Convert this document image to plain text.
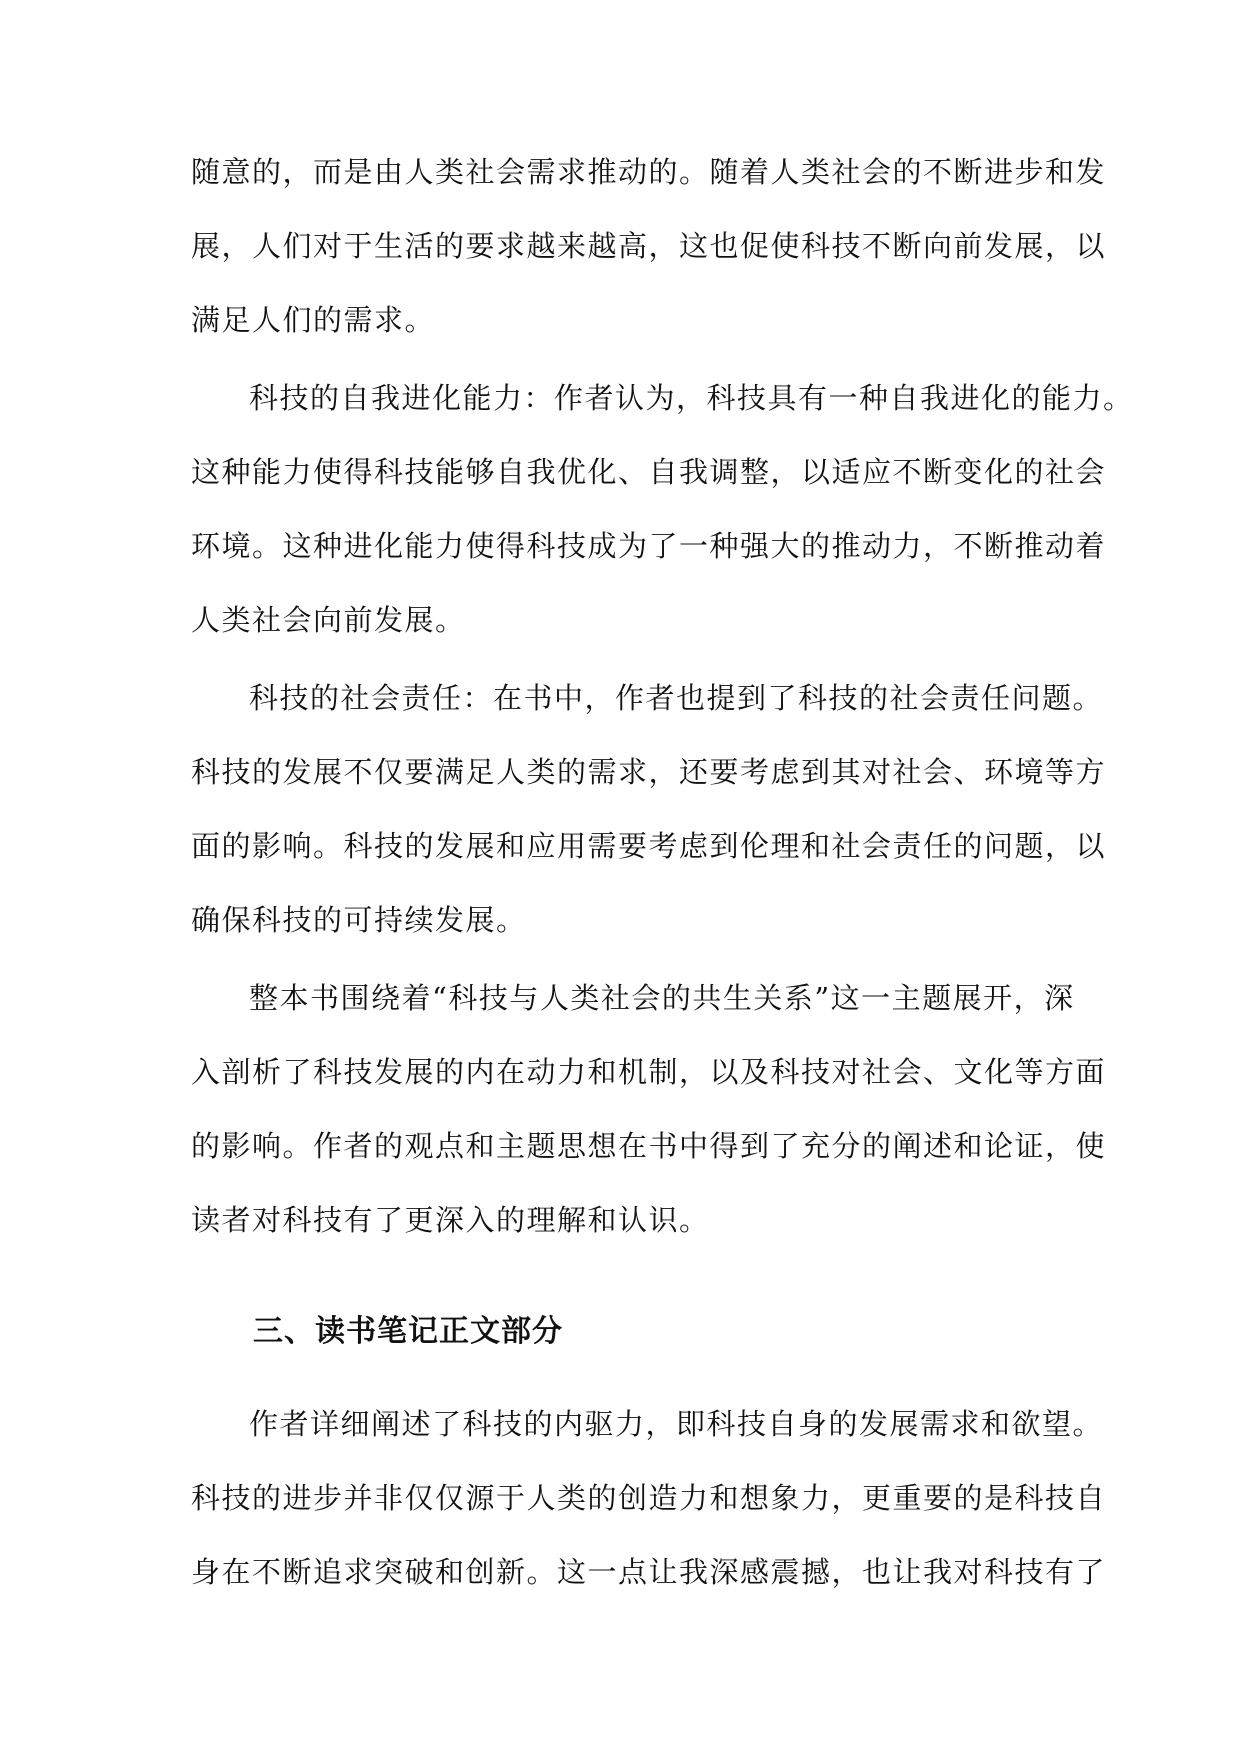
随意的，而是由人类社会需求推动的。随着人类社会的不断进步和发
展，人们对于生活的要求越来越高，这也促使科技不断向前发展，以
满足人们的需求。
科技的自我进化能力：作者认为，科技具有一种自我进化的能力。
这种能力使得科技能够自我优化、自我调整，以适应不断变化的社会
环境。这种进化能力使得科技成为了一种强大的推动力，不断推动着
人类社会向前发展。
科技的社会责任：在书中，作者也提到了科技的社会责任问题。
科技的发展不仅要满足人类的需求，还要考虑到其对社会、环境等方
面的影响。科技的发展和应用需要考虑到伦理和社会责任的问题，以
确保科技的可持续发展。
整本书围绕着“科技与人类社会的共生关系”这一主题展开，深
入剖析了科技发展的内在动力和机制，以及科技对社会、文化等方面
的影响。作者的观点和主题思想在书中得到了充分的阐述和论证，使
读者对科技有了更深入的理解和认识。
三、读书笔记正文部分
作者详细阐述了科技的内驱力，即科技自身的发展需求和欲望。
科技的进步并非仅仅源于人类的创造力和想象力，更重要的是科技自
身在不断追求突破和创新。这一点让我深感震撼，也让我对科技有了
